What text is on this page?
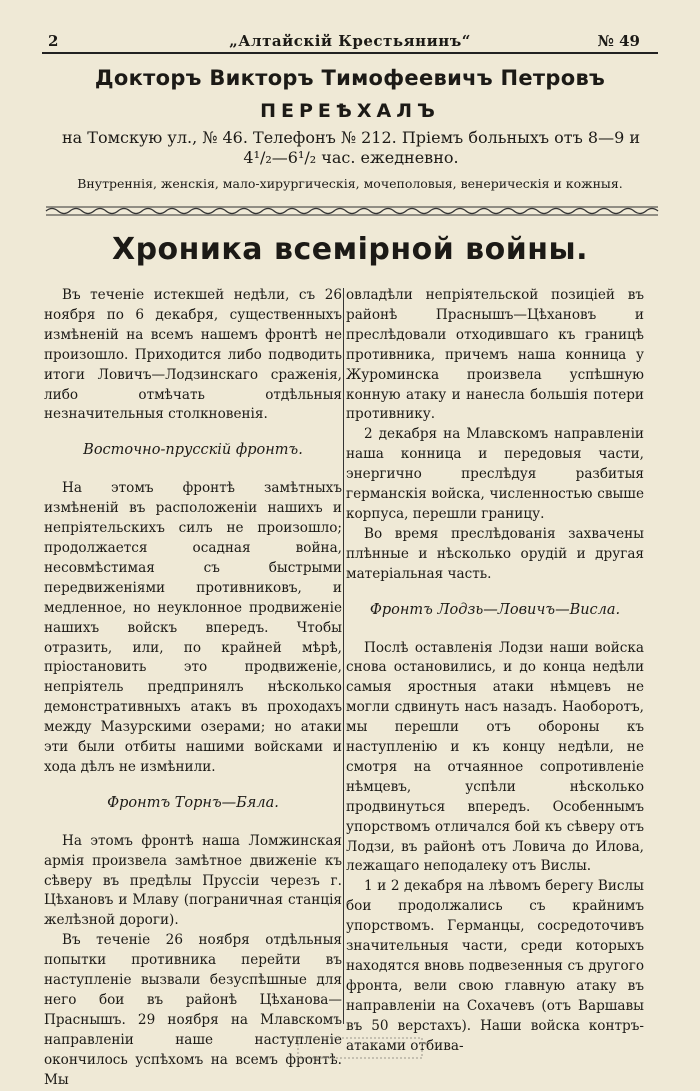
2	„Алтайскій Крестьянинъ“	№ 49
Докторъ Викторъ Тимофеевичъ Петровъ
ПЕРЕѢХАЛЪ
на Томскую ул., № 46. Телефонъ № 212. Пріемъ больныхъ отъ 8—9 и
4¹/₂—6¹/₂ час. ежедневно.
Внутреннія, женскія, мало-хирургическія, мочеполовыя, венерическія и кожныя.
Хроника всемірной войны.

Въ теченіе истекшей недѣли, съ 26 ноября по 6 декабря, существенныхъ измѣненій на всемъ нашемъ фронтѣ не произошло. Приходится либо подводить итоги Ловичъ—Лодзинскаго сраженія, либо отмѣчать отдѣльныя незначительныя столкновенія.

Восточно-прусскій фронтъ.

На этомъ фронтѣ замѣтныхъ измѣненій въ расположеніи нашихъ и непріятельскихъ силъ не произошло; продолжается осадная война, несовмѣстимая съ быстрыми передвиженіями противниковъ, и медленное, но неуклонное продвиженіе нашихъ войскъ впередъ. Чтобы отразить, или, по крайней мѣрѣ, пріостановить это продвиженіе, непріятель предпринялъ нѣсколько демонстративныхъ атакъ въ проходахъ между Мазурскими озерами; но атаки эти были отбиты нашими войсками и хода дѣлъ не измѣнили.

Фронтъ Торнъ—Бяла.

На этомъ фронтѣ наша Ломжинская армія произвела замѣтное движеніе къ сѣверу въ предѣлы Пруссіи черезъ г. Цѣхановъ и Млаву (пограничная станція желѣзной дороги).

Въ теченіе 26 ноября отдѣльныя попытки противника перейти въ наступленіе вызвали безуспѣшные для него бои въ районѣ Цѣханова—Праснышъ. 29 ноября на Млавскомъ направленіи наше наступленіе окончилось успѣхомъ на всемъ фронтѣ. Мы

овладѣли непріятельской позиціей въ районѣ Праснышъ—Цѣхановъ и преслѣдовали отходившаго къ границѣ противника, причемъ наша конница у Журоминска произвела успѣшную конную атаку и нанесла большія потери противнику.

2 декабря на Млавскомъ направленіи наша конница и передовыя части, энергично преслѣдуя разбитыя германскія войска, численностью свыше корпуса, перешли границу.

Во время преслѣдованія захвачены плѣнные и нѣсколько орудій и другая матеріальная часть.

Фронтъ Лодзь—Ловичъ—Висла.

Послѣ оставленія Лодзи наши войска снова остановились, и до конца недѣли самыя яростныя атаки нѣмцевъ не могли сдвинуть насъ назадъ. Наоборотъ, мы перешли отъ обороны къ наступленію и къ концу недѣли, не смотря на отчаянное сопротивленіе нѣмцевъ, успѣли нѣсколько продвинуться впередъ. Особеннымъ упорствомъ отличался бой къ сѣверу отъ Лодзи, въ районѣ отъ Ловича до Илова, лежащаго неподалеку отъ Вислы.

1 и 2 декабря на лѣвомъ берегу Вислы бои продолжались съ крайнимъ упорствомъ. Германцы, сосредоточивъ значительныя части, среди которыхъ находятся вновь подвезенныя съ другого фронта, вели свою главную атаку въ направленіи на Сохачевъ (отъ Варшавы въ 50 верстахъ). Наши войска контръ-атаками отбива-
